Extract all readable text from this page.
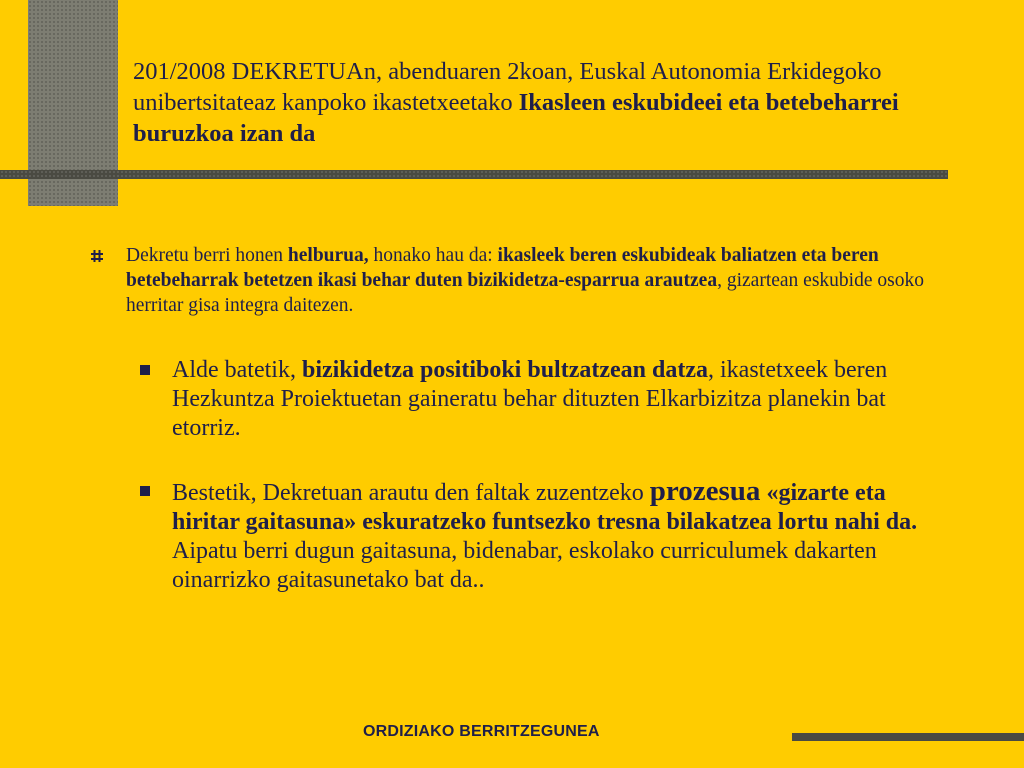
201/2008 DEKRETUAn, abenduaren 2koan, Euskal Autonomia Erkidegoko unibertsitateaz kanpoko ikastetxeetako Ikasleen eskubideei eta betebeharrei buruzkoa izan da
Dekretu berri honen helburua, honako hau da: ikasleek beren eskubideak baliatzen eta beren betebeharrak betetzen ikasi behar duten bizikidetza-esparrua arautzea, gizartean eskubide osoko herritar gisa integra daitezen.
Alde batetik, bizikidetza positiboki bultzatzean datza, ikastetxeek beren Hezkuntza Proiektuetan gaineratu behar dituzten Elkarbizitza planekin bat etorriz.
Bestetik, Dekretuan arautu den faltak zuzentzeko prozesua «gizarte eta hiritar gaitasuna» eskuratzeko funtsezko tresna bilakatzea lortu nahi da. Aipatu berri dugun gaitasuna, bidenabar, eskolako curriculumek dakarten oinarrizko gaitasunetako bat da..
ORDIZIAKO BERRITZEGUNEA
